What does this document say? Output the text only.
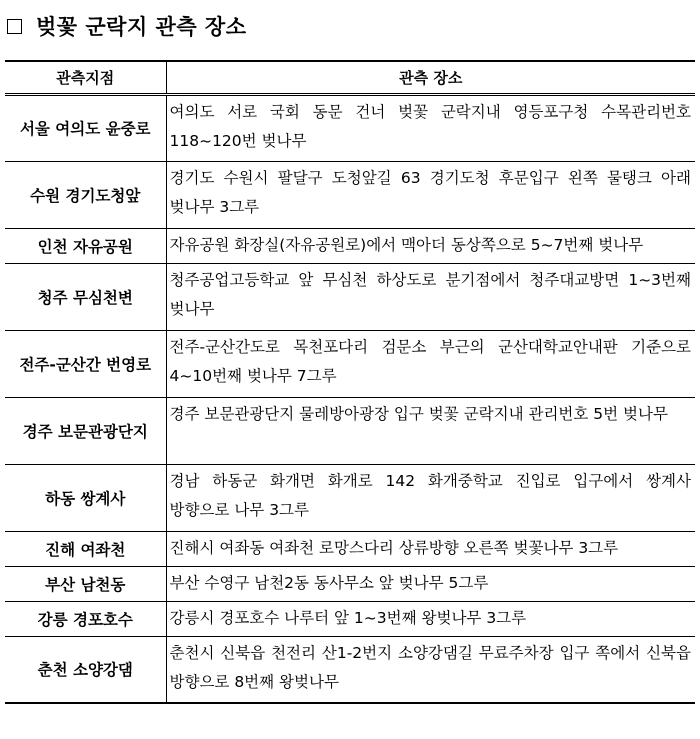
벚꽃 군락지 관측 장소
관측지점	관측 장소
서울 여의도 윤중로	여의도 서로 국회 동문 건너 벚꽃 군락지내 영등포구청 수목관리번호 118~120번 벚나무
수원 경기도청앞	경기도 수원시 팔달구 도청앞길 63 경기도청 후문입구 왼쪽 물탱크 아래 벚나무 3그루
인천 자유공원	자유공원 화장실(자유공원로)에서 맥아더 동상쪽으로 5~7번째 벚나무
청주 무심천변	청주공업고등학교 앞 무심천 하상도로 분기점에서 청주대교방면 1~3번째 벚나무
전주-군산간 번영로	전주-군산간도로 목천포다리 검문소 부근의 군산대학교안내판 기준으로 4~10번째 벚나무 7그루
경주 보문관광단지	경주 보문관광단지 물레방아광장 입구 벚꽃 군락지내 관리번호 5번 벚나무
하동 쌍계사	경남 하동군 화개면 화개로 142 화개중학교 진입로 입구에서 쌍계사 방향으로 나무 3그루
진해 여좌천	진해시 여좌동 여좌천 로망스다리 상류방향 오른쪽 벚꽃나무 3그루
부산 남천동	부산 수영구 남천2동 동사무소 앞 벚나무 5그루
강릉 경포호수	강릉시 경포호수 나루터 앞 1~3번째 왕벚나무 3그루
춘천 소양강댐	춘천시 신북읍 천전리 산1-2번지 소양강댐길 무료주차장 입구 쪽에서 신북읍 방향으로 8번째 왕벚나무
